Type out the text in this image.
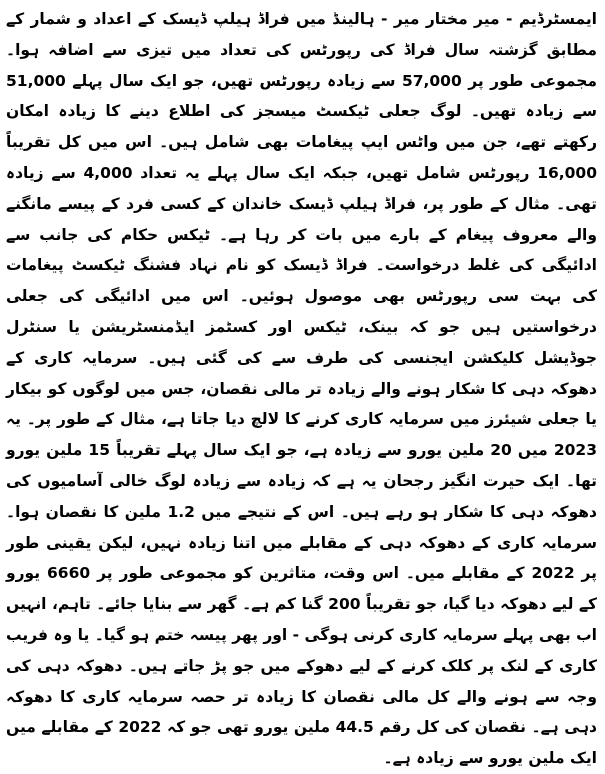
ایمسٹرڈیم - میر مختار میر - ہالینڈ میں فراڈ ہیلپ ڈیسک کے اعداد و شمار کے مطابق گزشتہ سال فراڈ کی رپورٹس کی تعداد میں تیزی سے اضافہ ہوا۔ مجموعی طور پر 57,000 سے زیادہ رپورٹس تھیں، جو ایک سال پہلے 51,000 سے زیادہ تھیں۔ لوگ جعلی ٹیکسٹ میسجز کی اطلاع دینے کا زیادہ امکان رکھتے تھے، جن میں واٹس ایپ پیغامات بھی شامل ہیں۔ اس میں کل تقریباً 16,000 رپورٹس شامل تھیں، جبکہ ایک سال پہلے یہ تعداد 4,000 سے زیادہ تھی۔ مثال کے طور پر، فراڈ ہیلپ ڈیسک خاندان کے کسی فرد کے پیسے مانگنے والے معروف پیغام کے بارے میں بات کر رہا ہے۔ ٹیکس حکام کی جانب سے ادائیگی کی غلط درخواست۔ فراڈ ڈیسک کو نام نہاد فشنگ ٹیکسٹ پیغامات کی بہت سی رپورٹس بھی موصول ہوئیں۔ اس میں ادائیگی کی جعلی درخواستیں ہیں جو کہ بینک، ٹیکس اور کسٹمز ایڈمنسٹریشن یا سنٹرل جوڈیشل کلیکشن ایجنسی کی طرف سے کی گئی ہیں۔ سرمایہ کاری کے دھوکہ دہی کا شکار ہونے والے زیادہ تر مالی نقصان، جس میں لوگوں کو بیکار یا جعلی شیئرز میں سرمایہ کاری کرنے کا لالچ دیا جاتا ہے، مثال کے طور پر۔ یہ 2023 میں 20 ملین یورو سے زیادہ ہے، جو ایک سال پہلے تقریباً 15 ملین یورو تھا۔ ایک حیرت انگیز رجحان یہ ہے کہ زیادہ سے زیادہ لوگ خالی آسامیوں کی دھوکہ دہی کا شکار ہو رہے ہیں۔ اس کے نتیجے میں 1.2 ملین کا نقصان ہوا۔ سرمایہ کاری کے دھوکہ دہی کے مقابلے میں اتنا زیادہ نہیں، لیکن یقینی طور پر 2022 کے مقابلے میں۔ اس وقت، متاثرین کو مجموعی طور پر 6660 یورو کے لیے دھوکہ دیا گیا، جو تقریباً 200 گنا کم ہے۔ گھر سے بنایا جائے۔ تاہم، انہیں اب بھی پہلے سرمایہ کاری کرنی ہوگی - اور پھر پیسہ ختم ہو گیا۔ یا وہ فریب کاری کے لنک پر کلک کرنے کے لیے دھوکے میں جو پڑ جاتے ہیں۔ دھوکہ دہی کی وجہ سے ہونے والے کل مالی نقصان کا زیادہ تر حصہ سرمایہ کاری کا دھوکہ دہی ہے۔ نقصان کی کل رقم 44.5 ملین یورو تھی جو کہ 2022 کے مقابلے میں ایک ملین یورو سے زیادہ ہے۔
